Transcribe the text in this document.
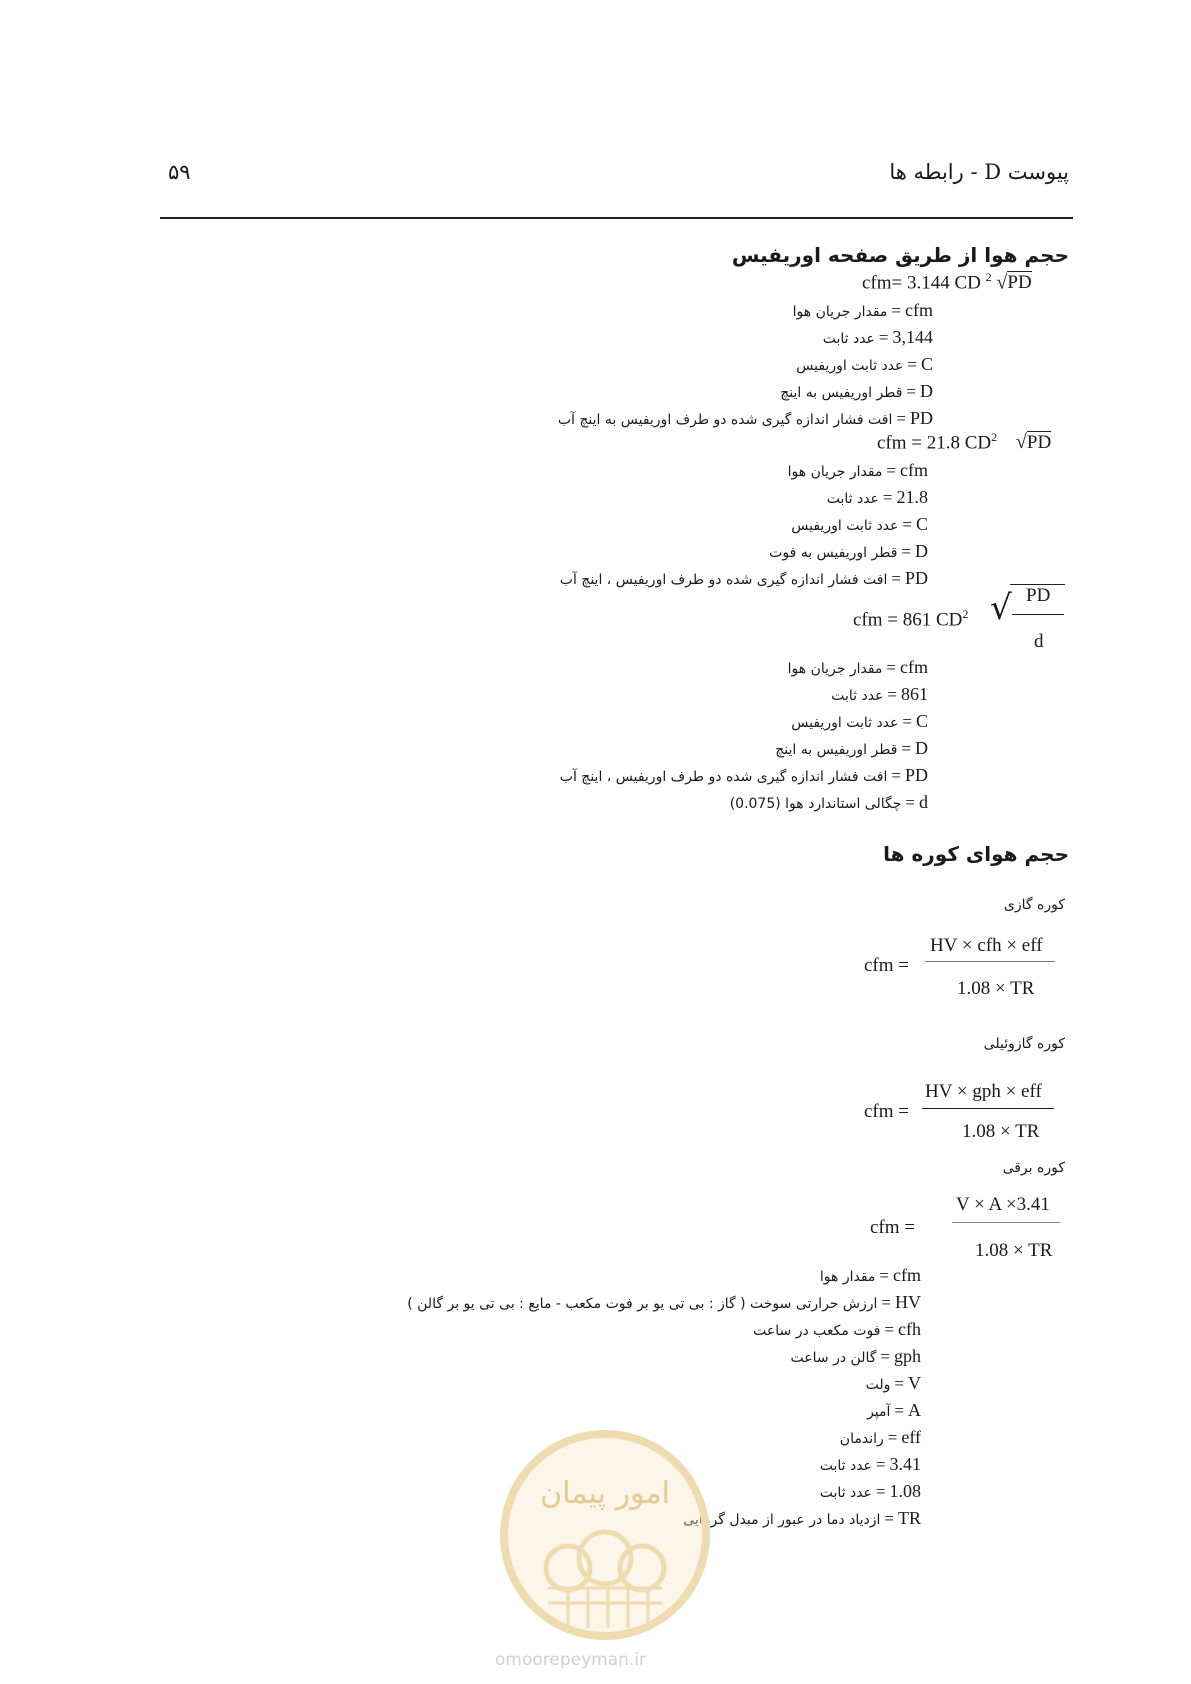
پیوست D - رابطه ها
۵۹
حجم هوا از طریق صفحه اوریفیس
cfm= 3.144 CD $^2$ √PD
cfm=مقدار جریان هوا
3,144=عدد ثابت
C=عدد ثابت اوریفیس
D=قطر اوریفیس به اینچ
PD=افت فشار اندازه گیری شده دو طرف اوریفیس به اینچ آب
cfm = 21.8 $CD^2$ √PD
cfm=مقدار جریان هوا
21.8=عدد ثابت
C=عدد ثابت اوریفیس
D=قطر اوریفیس به فوت
PD=افت فشار اندازه گیری شده دو طرف اوریفیس ، اینچ آب
cfm = 861 $CD^2$ √ PD
d
cfm=مقدار جریان هوا
861=عدد ثابت
C=عدد ثابت اوریفیس
D=قطر اوریفیس به اینچ
PD=افت فشار اندازه گیری شده دو طرف اوریفیس ، اینچ آب
d=چگالی استاندارد هوا (0.075)
حجم هوای کوره ها
کوره گازی
cfm =
HV × cfh × eff
1.08 × TR
کوره گازوئیلی
cfm =
HV × gph × eff
1.08 × TR
کوره برقی
cfm =
V × A ×3.41
1.08 × TR
cfm=مقدار هوا
HV=ارزش حرارتی سوخت ( گاز : بی تی یو بر فوت مکعب - مایع : بی تی یو بر گالن )
cfh=فوت مکعب در ساعت
gph=گالن در ساعت
V=ولت
A=آمپر
eff=راندمان
3.41=عدد ثابت
1.08=عدد ثابت
TR=ازدیاد دما در عبور از مبدل گرمایی
امور پیمان
omoorepeyman.ir
